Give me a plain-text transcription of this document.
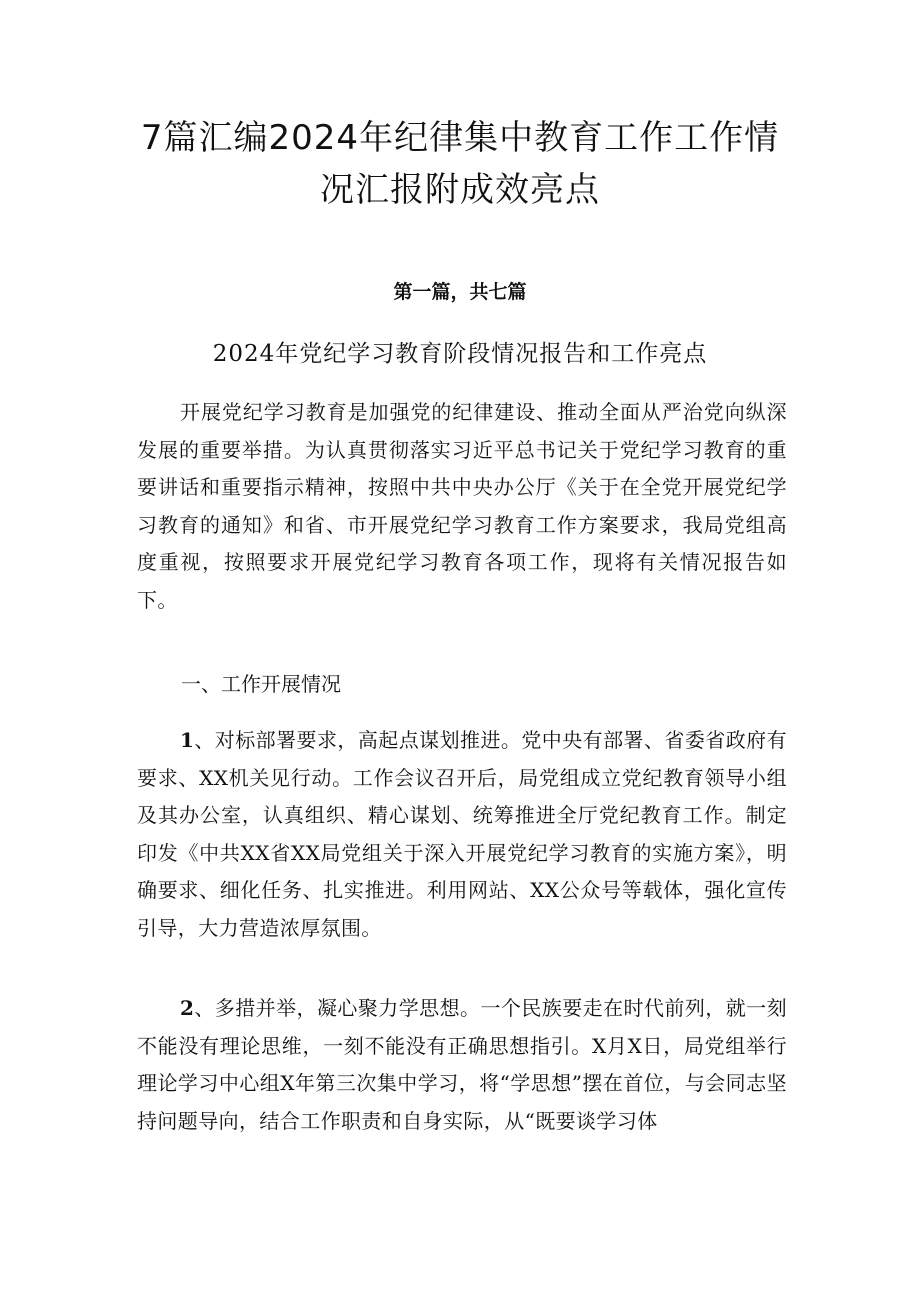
7篇汇编2024年纪律集中教育工作工作情
况汇报附成效亮点
第一篇，共七篇
2024年党纪学习教育阶段情况报告和工作亮点

开展党纪学习教育是加强党的纪律建设、推动全面从严治党向纵深发展的重要举措。为认真贯彻落实习近平总书记关于党纪学习教育的重要讲话和重要指示精神，按照中共中央办公厅《关于在全党开展党纪学习教育的通知》和省、市开展党纪学习教育工作方案要求，我局党组高度重视，按照要求开展党纪学习教育各项工作，现将有关情况报告如下。

一、工作开展情况

1、对标部署要求，高起点谋划推进。党中央有部署、省委省政府有要求、XX机关见行动。工作会议召开后，局党组成立党纪教育领导小组及其办公室，认真组织、精心谋划、统筹推进全厅党纪教育工作。制定印发《中共XX省XX局党组关于深入开展党纪学习教育的实施方案》，明确要求、细化任务、扎实推进。利用网站、XX公众号等载体，强化宣传引导，大力营造浓厚氛围。

2、多措并举，凝心聚力学思想。一个民族要走在时代前列，就一刻不能没有理论思维，一刻不能没有正确思想指引。X月X日，局党组举行理论学习中心组X年第三次集中学习，将“学思想”摆在首位，与会同志坚持问题导向，结合工作职责和自身实际，从“既要谈学习体
